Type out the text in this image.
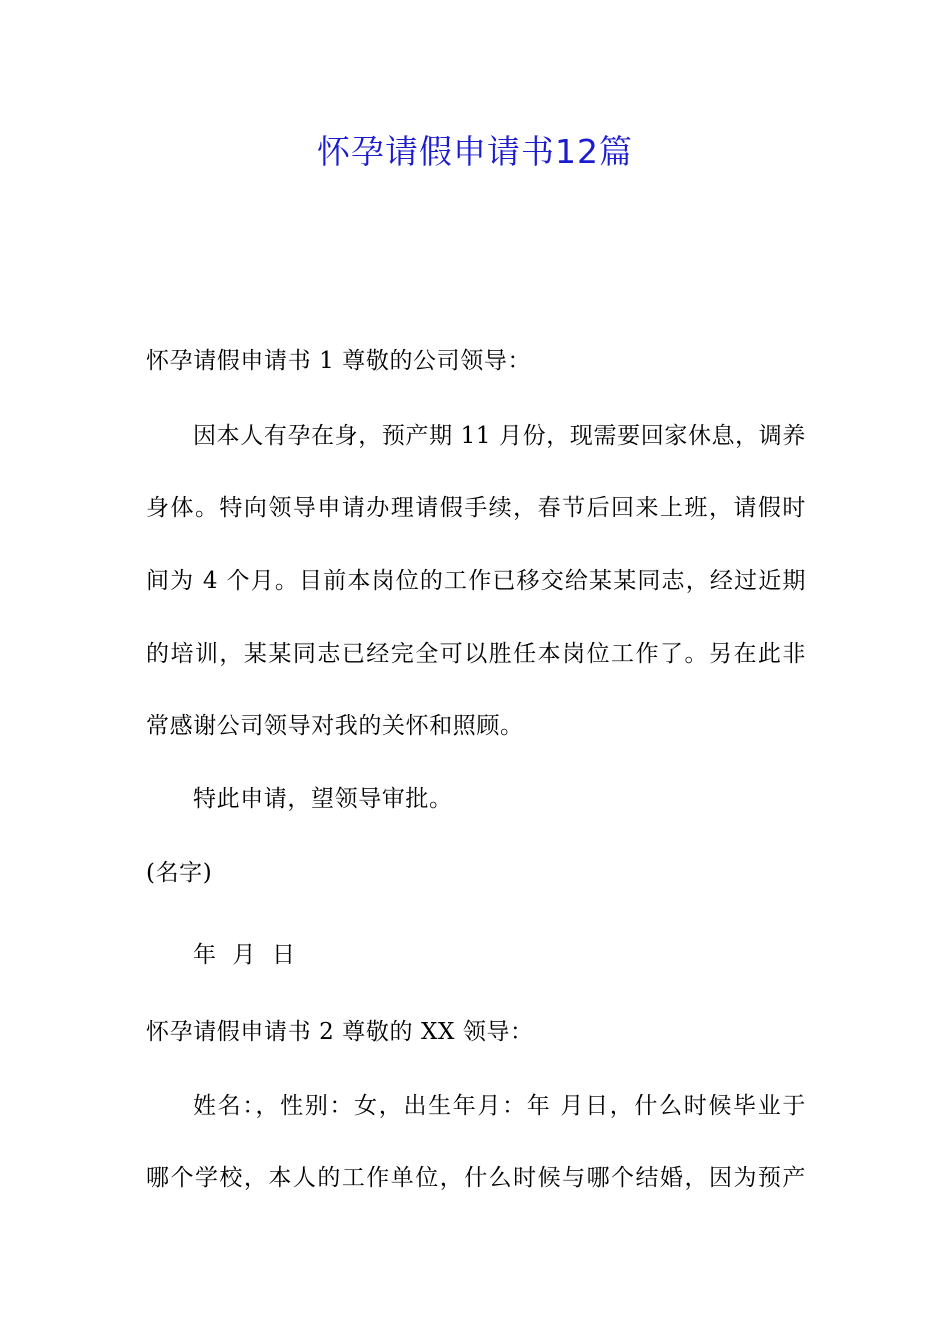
怀孕请假申请书12篇

怀孕请假申请书 1 尊敬的公司领导：

因本人有孕在身，预产期 11 月份，现需要回家休息，调养

身体。特向领导申请办理请假手续，春节后回来上班，请假时

间为 4 个月。目前本岗位的工作已移交给某某同志，经过近期

的培训，某某同志已经完全可以胜任本岗位工作了。另在此非

常感谢公司领导对我的关怀和照顾。

特此申请，望领导审批。

(名字)

年 月 日

怀孕请假申请书 2 尊敬的 XX 领导：

姓名：，性别：女，出生年月：年 月日，什么时候毕业于

哪个学校，本人的工作单位，什么时候与哪个结婚，因为预产
